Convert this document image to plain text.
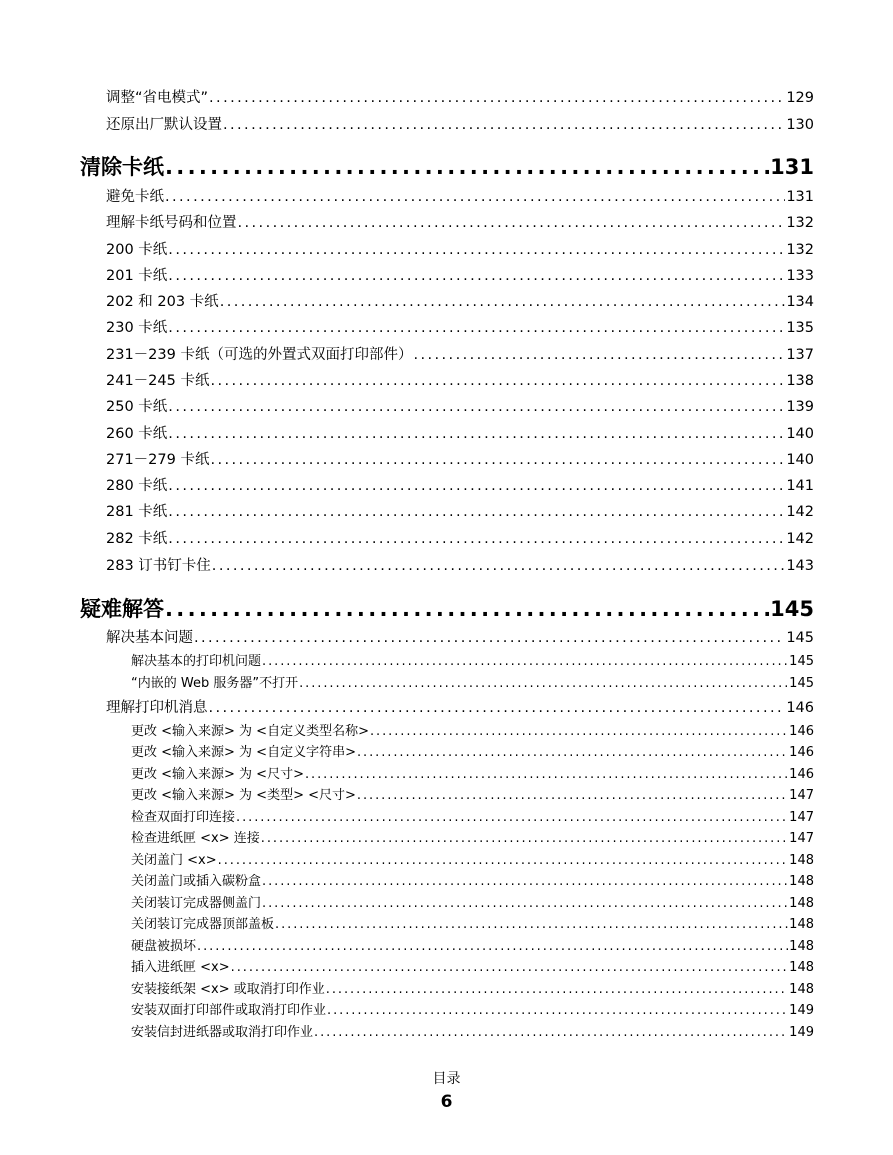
调整“省电模式” . . .	129
还原出厂默认设置 . . .	130
清除卡纸 . . .	131
避免卡纸 . . .	131
理解卡纸号码和位置 . . .	132
200 卡纸 . . .	132
201 卡纸 . . .	133
202 和 203 卡纸 . . .	134
230 卡纸 . . .	135
231－239 卡纸（可选的外置式双面打印部件） . . .	137
241－245 卡纸 . . .	138
250 卡纸 . . .	139
260 卡纸 . . .	140
271－279 卡纸 . . .	140
280 卡纸 . . .	141
281 卡纸 . . .	142
282 卡纸 . . .	142
283 订书钉卡住 . . .	143
疑难解答 . . .	145
解决基本问题 . . .	145
解决基本的打印机问题 . . .	145
“内嵌的 Web 服务器”不打开 . . .	145
理解打印机消息 . . .	146
更改 <输入来源> 为 <自定义类型名称> . . .	146
更改 <输入来源> 为 <自定义字符串> . . .	146
更改 <输入来源> 为 <尺寸> . . .	146
更改 <输入来源> 为 <类型> <尺寸> . . .	147
检查双面打印连接 . . .	147
检查进纸匣 <x> 连接 . . .	147
关闭盖门 <x> . . .	148
关闭盖门或插入碳粉盒 . . .	148
关闭装订完成器侧盖门 . . .	148
关闭装订完成器顶部盖板 . . .	148
硬盘被损坏 . . .	148
插入进纸匣 <x> . . .	148
安装接纸架 <x> 或取消打印作业 . . .	148
安装双面打印部件或取消打印作业 . . .	149
安装信封进纸器或取消打印作业 . . .	149
目录
6
